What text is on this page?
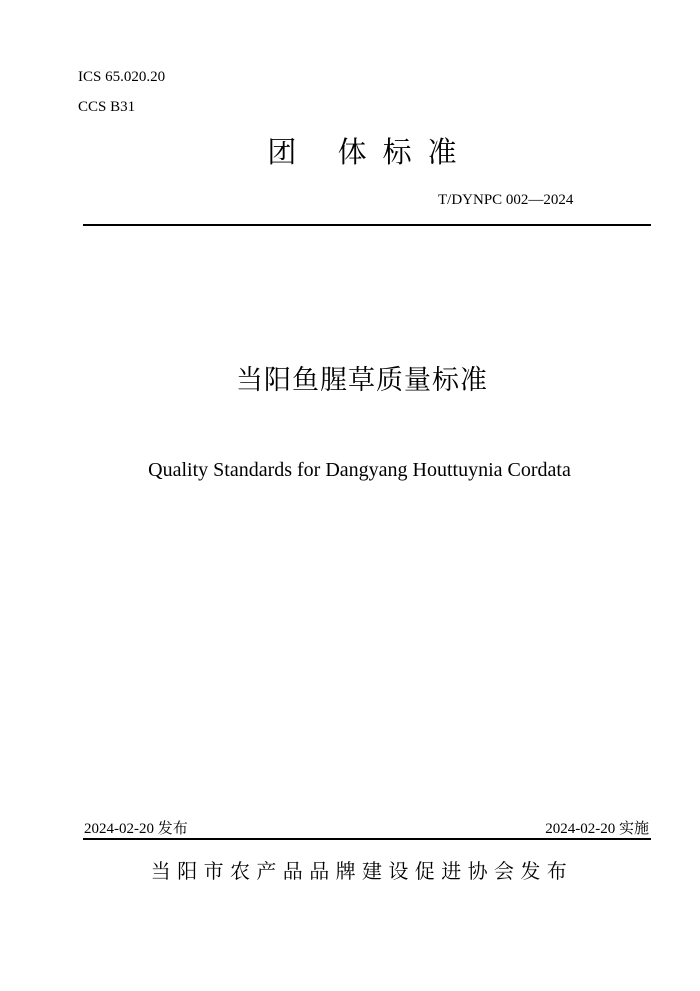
ICS 65.020.20
CCS B31
团 体标准
T/DYNPC 002—2024
当阳鱼腥草质量标准
Quality Standards for Dangyang Houttuynia Cordata
2024-02-20 发布	2024-02-20 实施
当阳市农产品品牌建设促进协会发布
